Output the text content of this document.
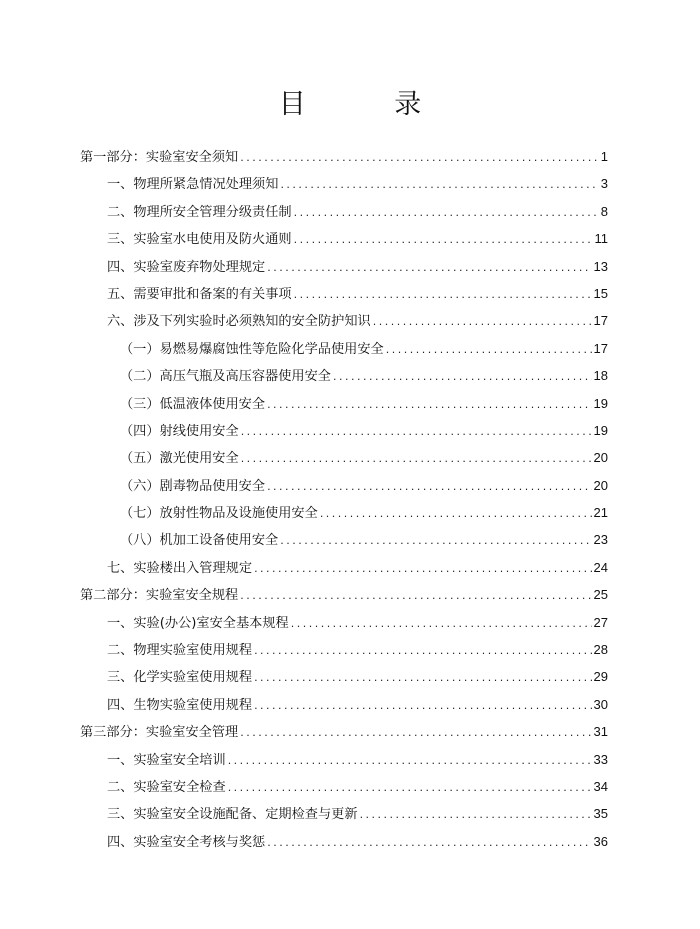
目 录
第一部分：实验室安全须知 . . .	1
一、物理所紧急情况处理须知 . . .	3
二、物理所安全管理分级责任制 . . .	8
三、实验室水电使用及防火通则 . . .	11
四、实验室废弃物处理规定 . . .	13
五、需要审批和备案的有关事项 . . .	15
六、涉及下列实验时必须熟知的安全防护知识 . . .	17
（一）易燃易爆腐蚀性等危险化学品使用安全 . . .	17
（二）高压气瓶及高压容器使用安全 . . .	18
（三）低温液体使用安全 . . .	19
（四）射线使用安全 . . .	19
（五）激光使用安全 . . .	20
（六）剧毒物品使用安全 . . .	20
（七）放射性物品及设施使用安全 . . .	21
（八）机加工设备使用安全 . . .	23
七、实验楼出入管理规定 . . .	24
第二部分：实验室安全规程 . . .	25
一、实验(办公)室安全基本规程 . . .	27
二、物理实验室使用规程 . . .	28
三、化学实验室使用规程 . . .	29
四、生物实验室使用规程 . . .	30
第三部分：实验室安全管理 . . .	31
一、实验室安全培训 . . .	33
二、实验室安全检查 . . .	34
三、实验室安全设施配备、定期检查与更新 . . .	35
四、实验室安全考核与奖惩 . . .	36
